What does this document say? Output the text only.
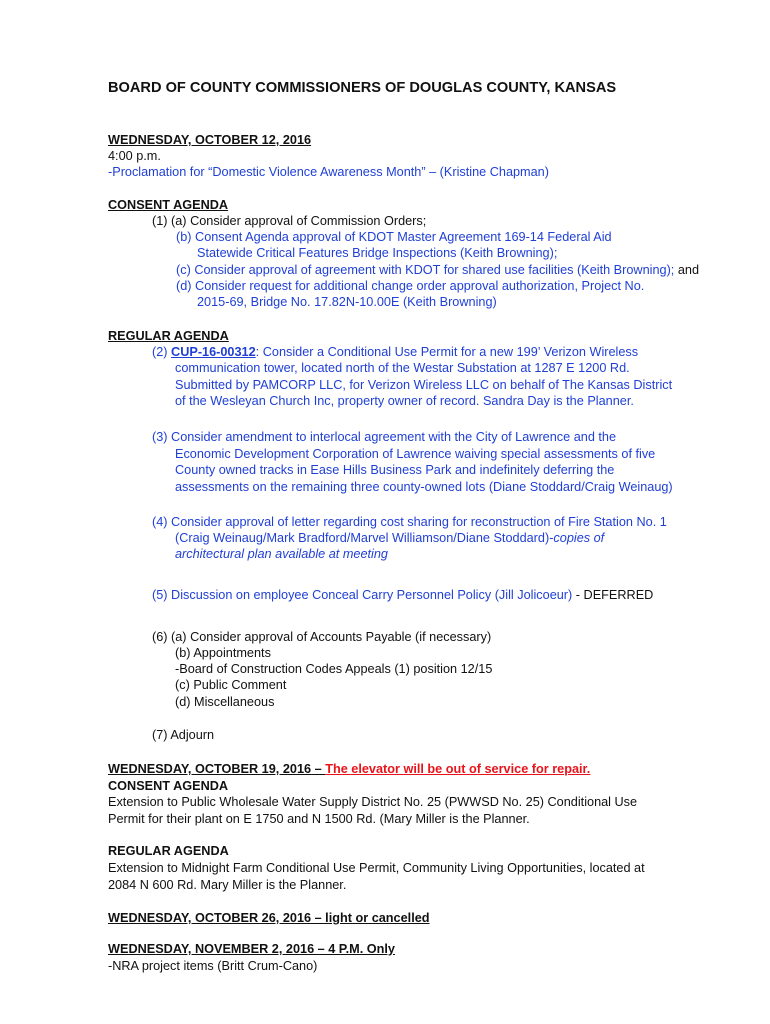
BOARD OF COUNTY COMMISSIONERS OF DOUGLAS COUNTY, KANSAS
WEDNESDAY, OCTOBER 12, 2016
4:00 p.m.
-Proclamation for “Domestic Violence Awareness Month” – (Kristine Chapman)
CONSENT AGENDA
(1) (a) Consider approval of Commission Orders;
(b) Consent Agenda approval of KDOT Master Agreement 169-14 Federal Aid
Statewide Critical Features Bridge Inspections (Keith Browning);
(c) Consider approval of agreement with KDOT for shared use facilities (Keith Browning); and
(d) Consider request for additional change order approval authorization, Project No.
2015-69, Bridge No. 17.82N-10.00E (Keith Browning)
REGULAR AGENDA
(2) CUP-16-00312: Consider a Conditional Use Permit for a new 199’ Verizon Wireless
communication tower, located north of the Westar Substation at 1287 E 1200 Rd.
Submitted by PAMCORP LLC, for Verizon Wireless LLC on behalf of The Kansas District
of the Wesleyan Church Inc, property owner of record. Sandra Day is the Planner.
(3) Consider amendment to interlocal agreement with the City of Lawrence and the
Economic Development Corporation of Lawrence waiving special assessments of five
County owned tracks in Ease Hills Business Park and indefinitely deferring the
assessments on the remaining three county-owned lots (Diane Stoddard/Craig Weinaug)
(4) Consider approval of letter regarding cost sharing for reconstruction of Fire Station No. 1
(Craig Weinaug/Mark Bradford/Marvel Williamson/Diane Stoddard)-copies of
architectural plan available at meeting
(5) Discussion on employee Conceal Carry Personnel Policy (Jill Jolicoeur) - DEFERRED
(6) (a) Consider approval of Accounts Payable (if necessary)
(b) Appointments
-Board of Construction Codes Appeals (1) position 12/15
(c) Public Comment
(d) Miscellaneous
(7) Adjourn
WEDNESDAY, OCTOBER 19, 2016 – The elevator will be out of service for repair.
CONSENT AGENDA
Extension to Public Wholesale Water Supply District No. 25 (PWWSD No. 25) Conditional Use
Permit for their plant on E 1750 and N 1500 Rd. (Mary Miller is the Planner.
REGULAR AGENDA
Extension to Midnight Farm Conditional Use Permit, Community Living Opportunities, located at
2084 N 600 Rd. Mary Miller is the Planner.
WEDNESDAY, OCTOBER 26, 2016 – light or cancelled
WEDNESDAY, NOVEMBER 2, 2016 – 4 P.M. Only
-NRA project items (Britt Crum-Cano)
